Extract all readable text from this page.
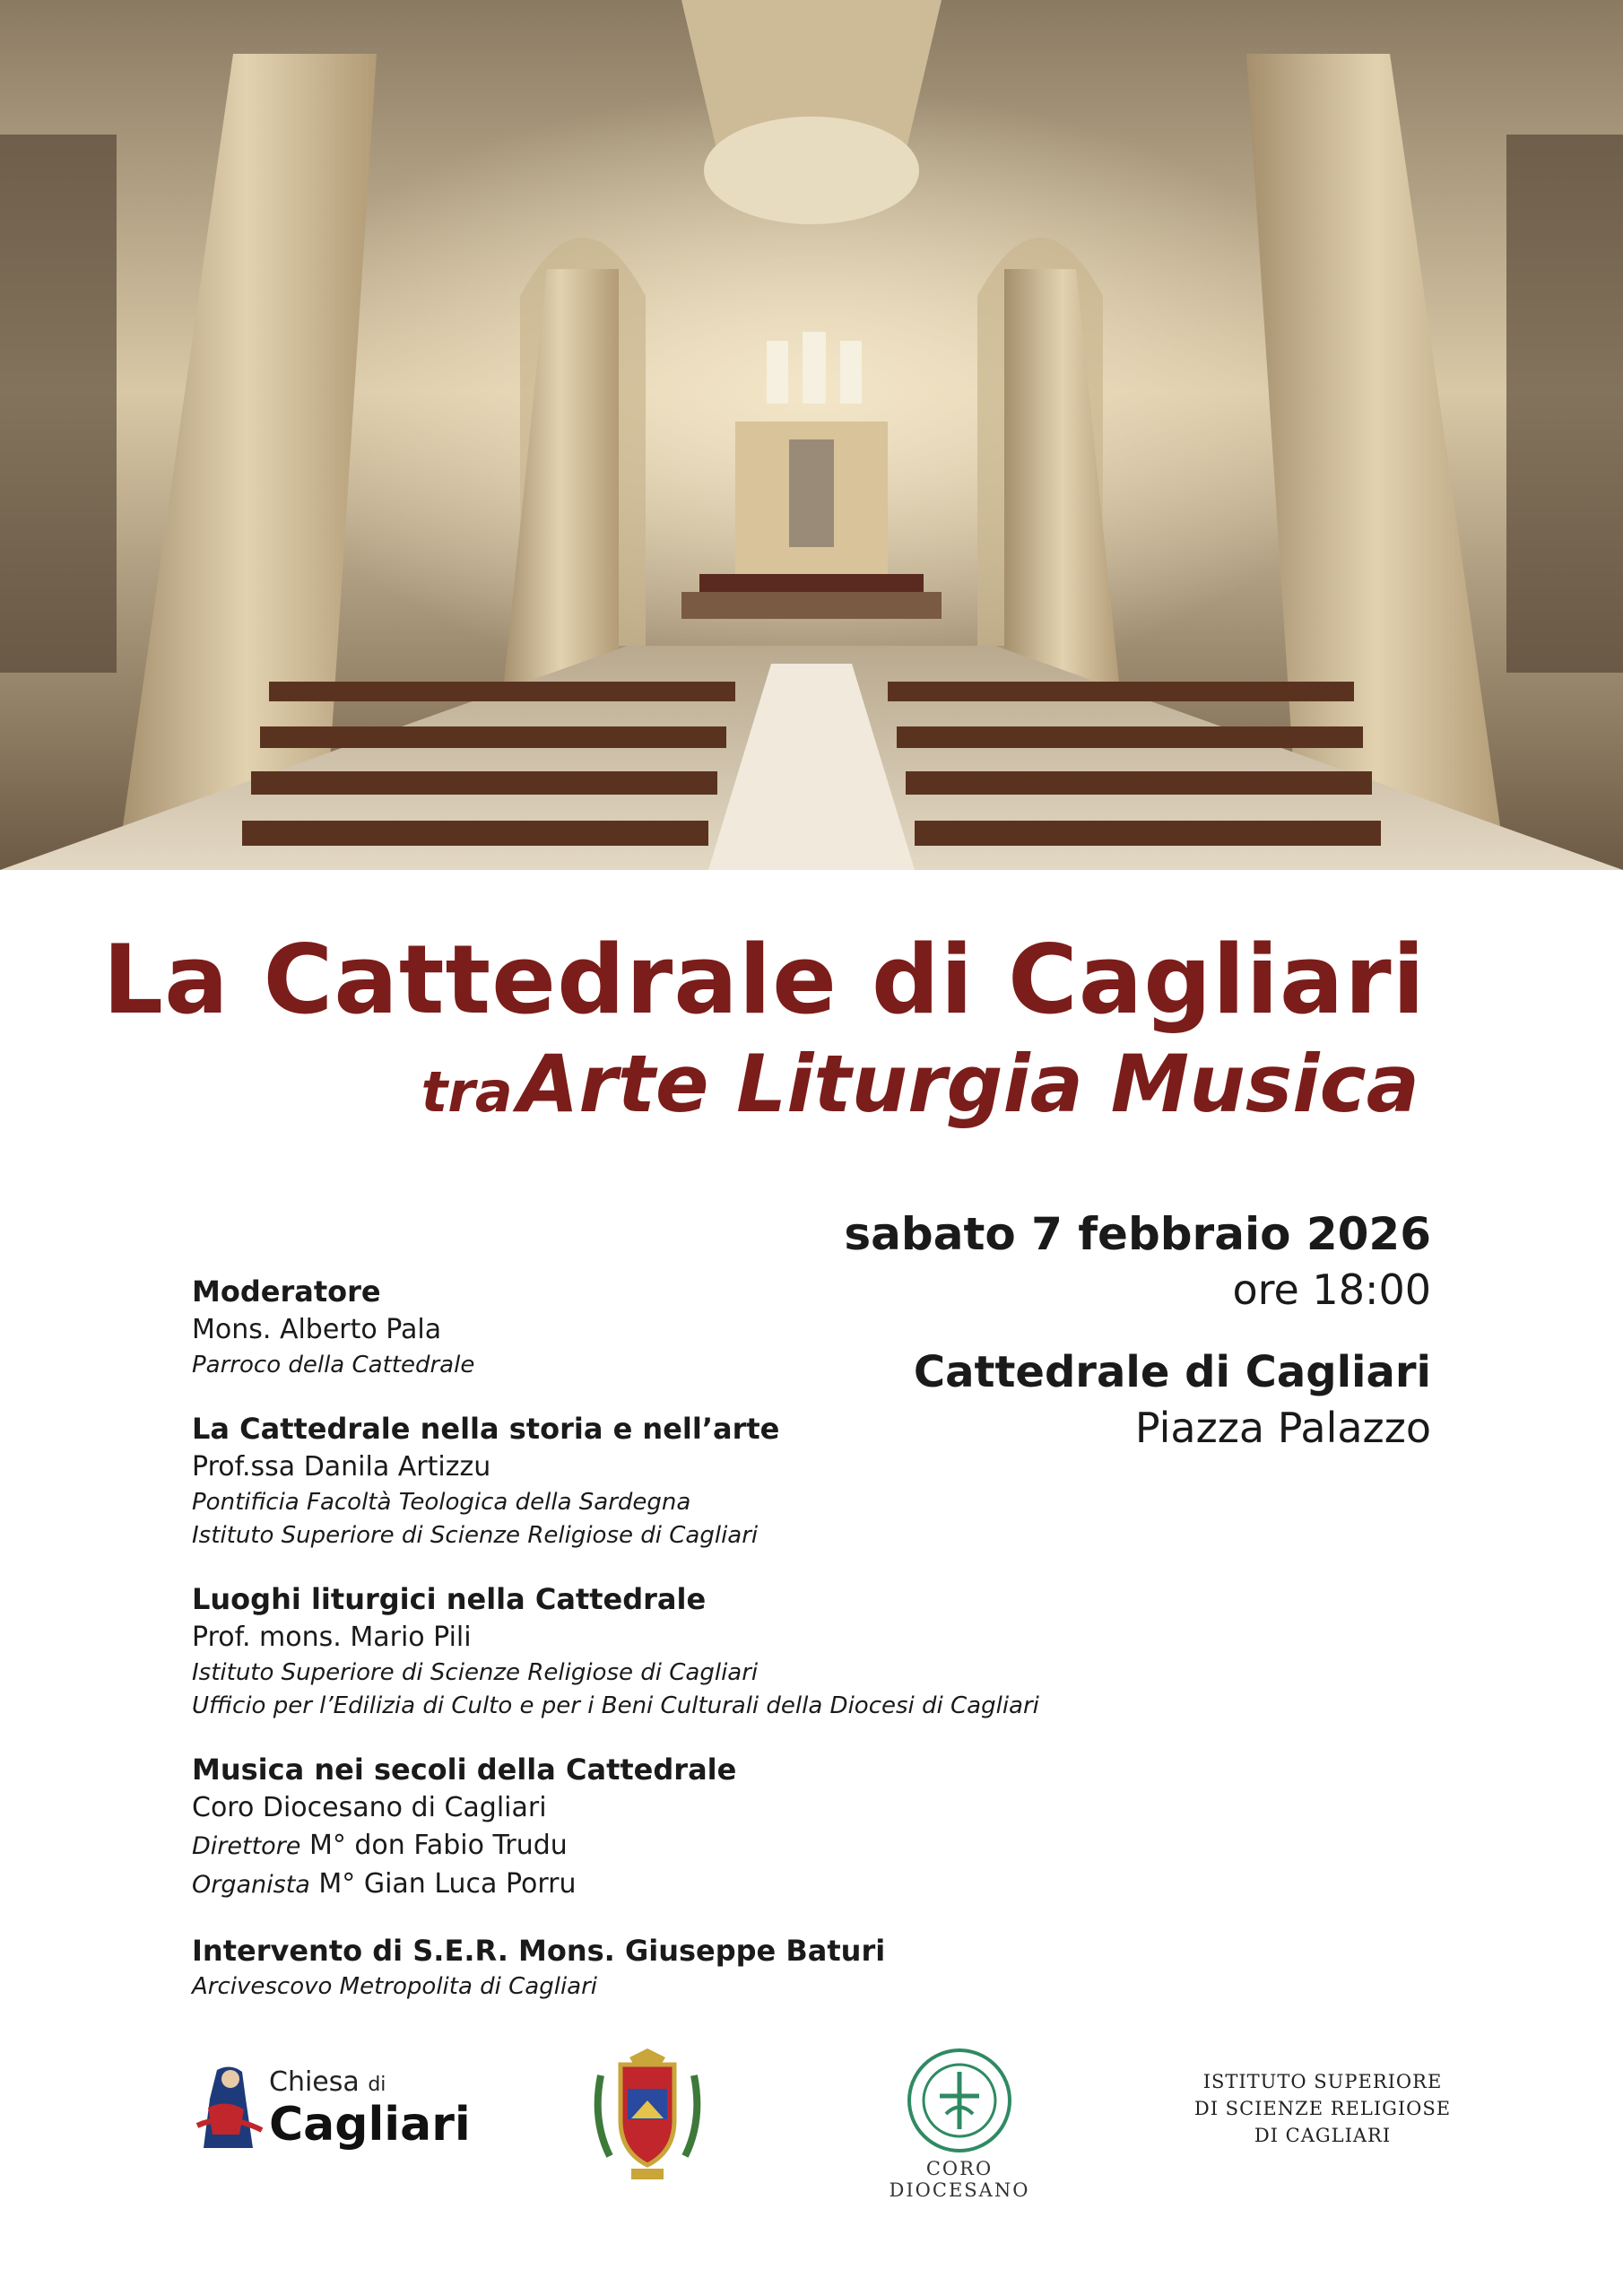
La Cattedrale di Cagliari
tra Arte Liturgia Musica
sabato 7 febbraio 2026
ore 18:00
Cattedrale di Cagliari
Piazza Palazzo
Moderatore
Mons. Alberto Pala
Parroco della Cattedrale
La Cattedrale nella storia e nell’arte
Prof.ssa Danila Artizzu
Pontificia Facoltà Teologica della Sardegna
Istituto Superiore di Scienze Religiose di Cagliari
Luoghi liturgici nella Cattedrale
Prof. mons. Mario Pili
Istituto Superiore di Scienze Religiose di Cagliari
Ufficio per l’Edilizia di Culto e per i Beni Culturali della Diocesi di Cagliari
Musica nei secoli della Cattedrale
Coro Diocesano di Cagliari
Direttore M° don Fabio Trudu
Organista M° Gian Luca Porru
Intervento di S.E.R. Mons. Giuseppe Baturi
Arcivescovo Metropolita di Cagliari
Chiesa di
Cagliari
CORO DIOCESANO
ISTITUTO SUPERIORE
DI SCIENZE RELIGIOSE
DI CAGLIARI
